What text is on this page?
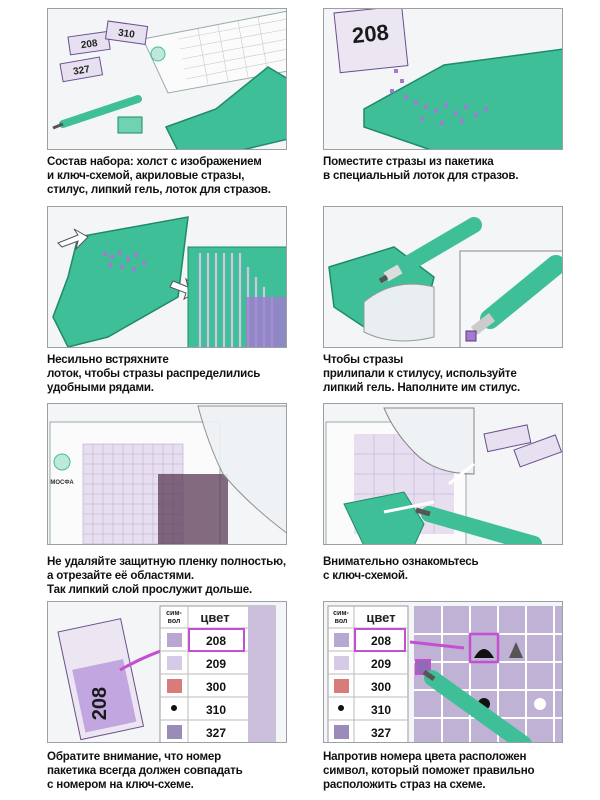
208
327
310
Состав набора: холст с изображением
и ключ-схемой, акриловые стразы,
стилус, липкий гель, лоток для стразов.
208
Поместите стразы из пакетика
в специальный лоток для стразов.
Несильно встряхните
лоток, чтобы стразы распределились
удобными рядами.
Чтобы стразы
прилипали к стилусу, используйте
липкий гель. Наполните им стилус.
МОСФА
Не удаляйте защитную пленку полностью,
а отрезайте её областями.
Так липкий слой прослужит дольше.
Внимательно ознакомьтесь
с ключ-схемой.
208
сим-
вол цвет
208
209
300
310
327
Обратите внимание, что номер
пакетика всегда должен совпадать
с номером на ключ-схеме.
сим-
вол цвет
208
209
300
310
327
Напротив номера цвета расположен
символ, который поможет правильно
расположить страз на схеме.
